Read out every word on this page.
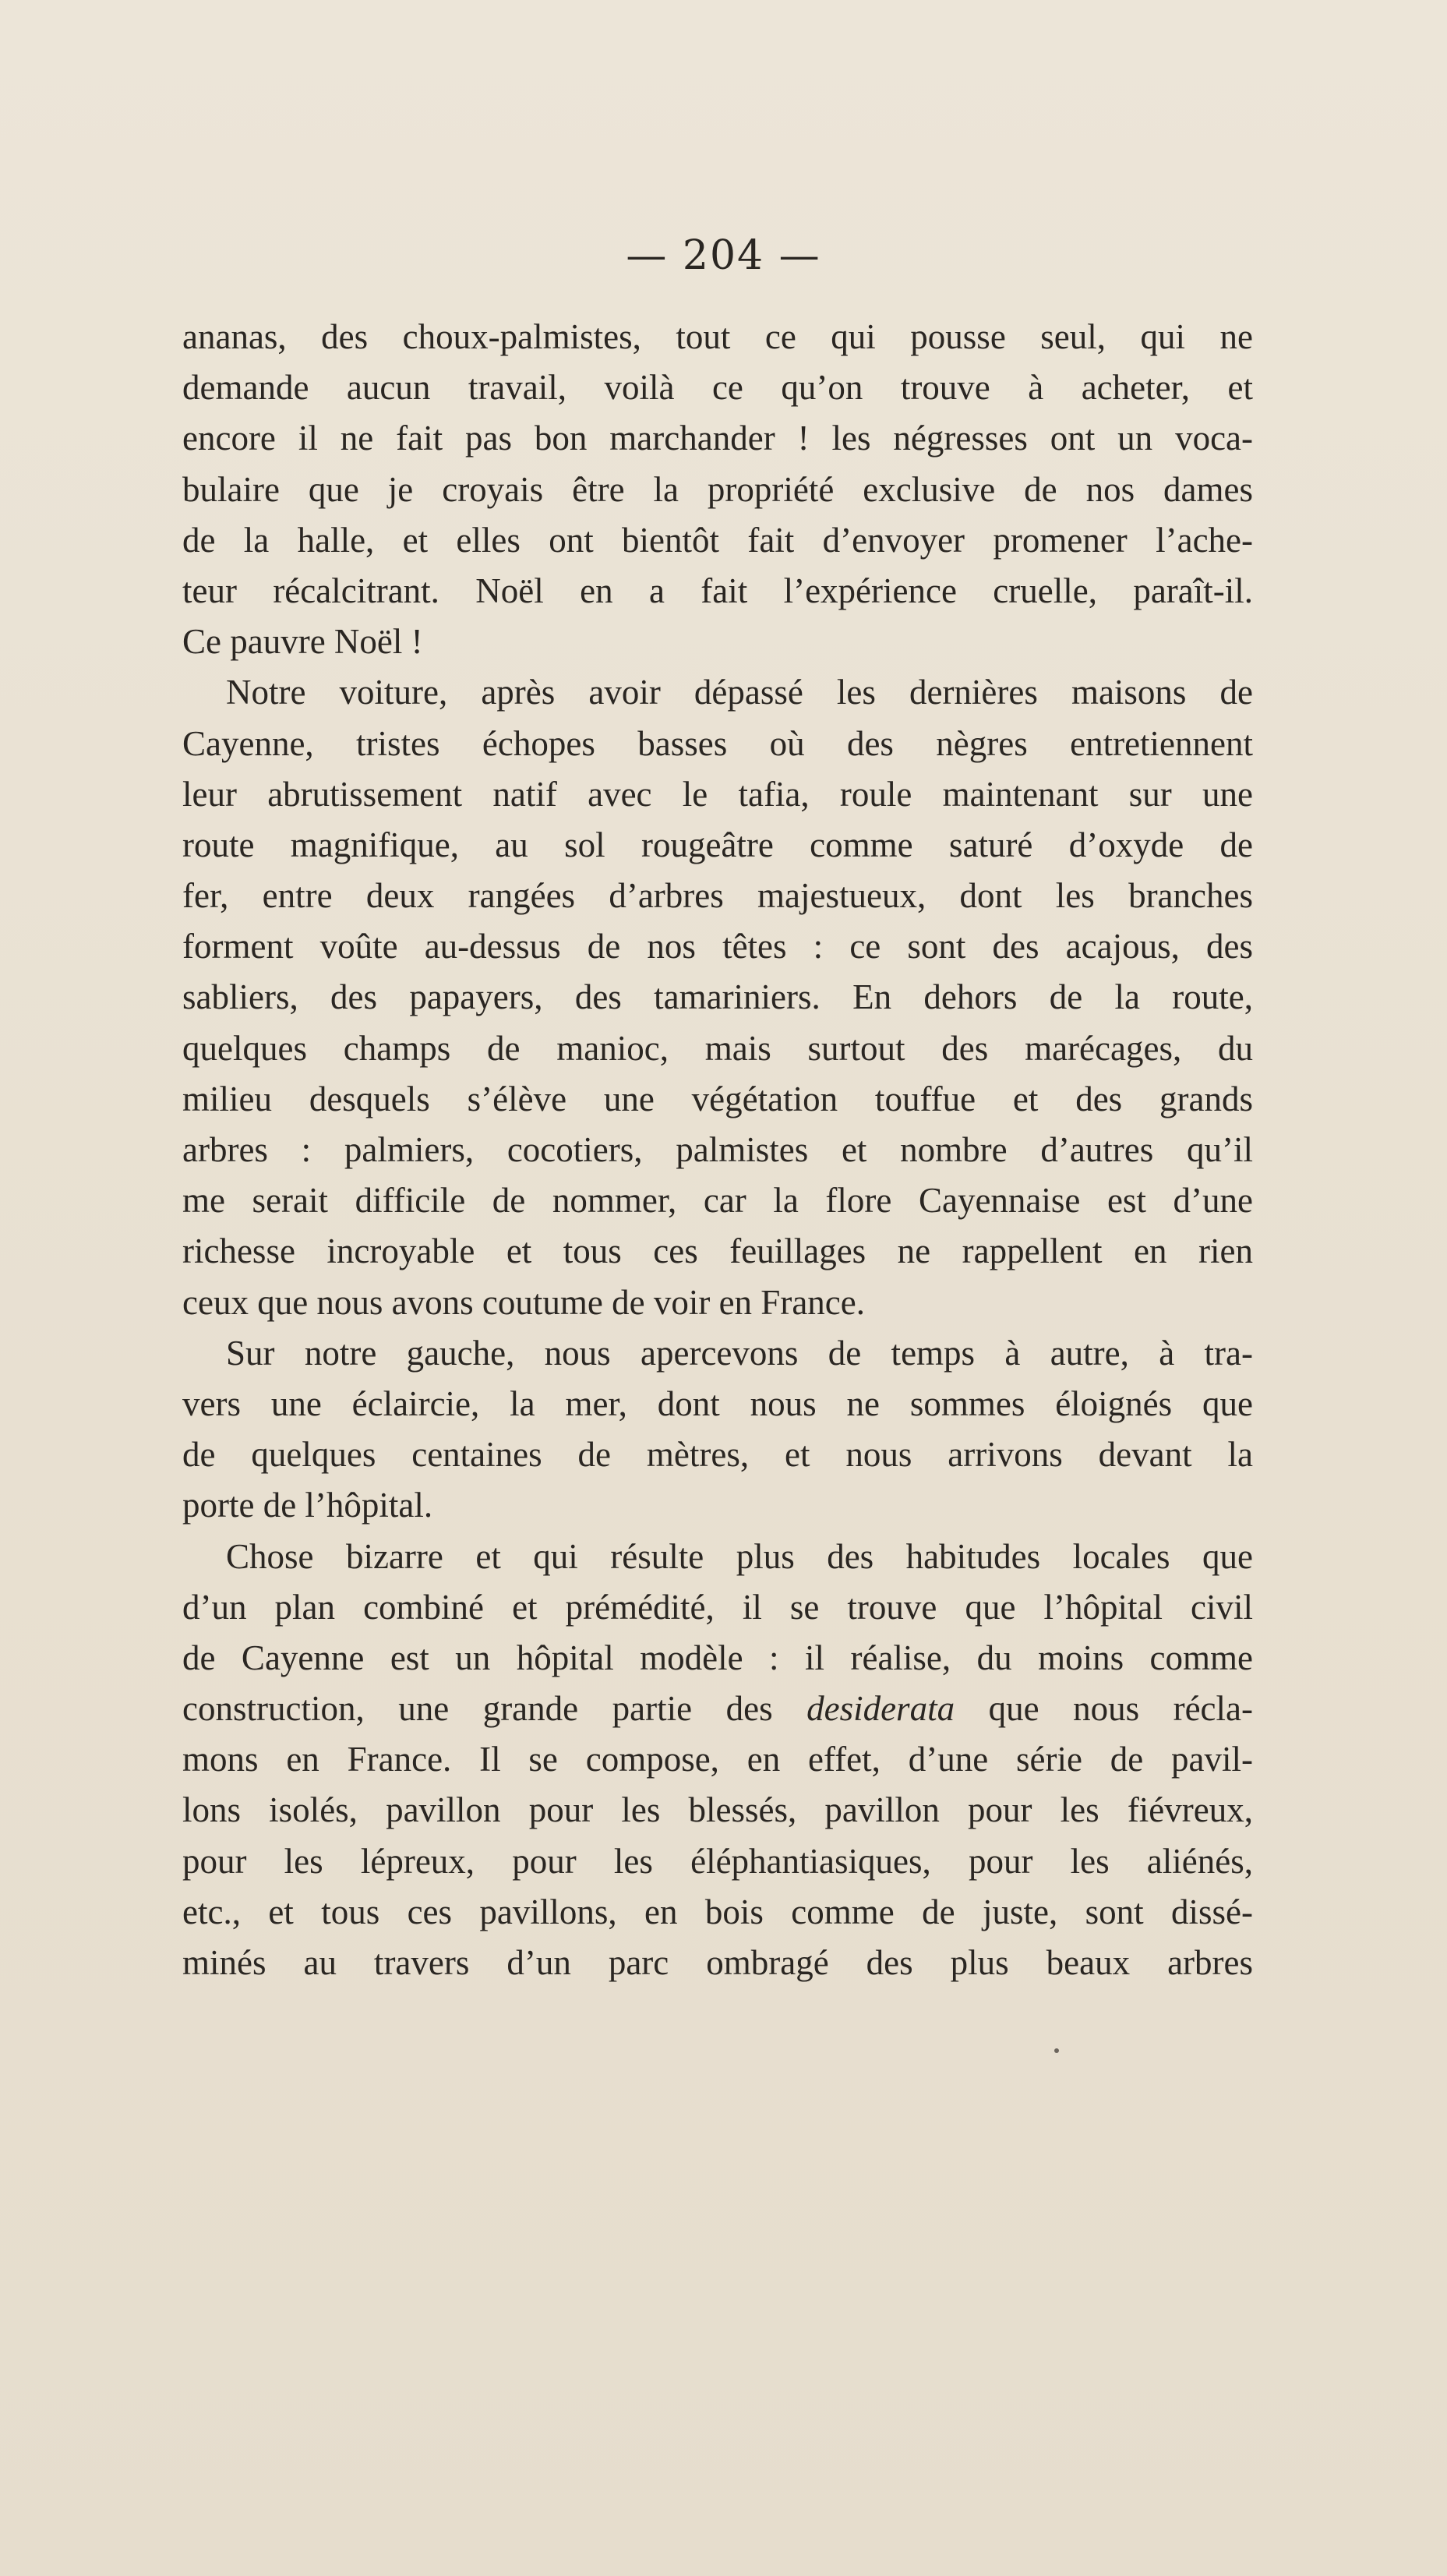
— 204 —
ananas, des choux-palmistes, tout ce qui pousse seul, qui ne
demande aucun travail, voilà ce qu’on trouve à acheter, et
encore il ne fait pas bon marchander ! les négresses ont un voca-
bulaire que je croyais être la propriété exclusive de nos dames
de la halle, et elles ont bientôt fait d’envoyer promener l’ache-
teur récalcitrant. Noël en a fait l’expérience cruelle, paraît-il.
Ce pauvre Noël !
Notre voiture, après avoir dépassé les dernières maisons de
Cayenne, tristes échopes basses où des nègres entretiennent
leur abrutissement natif avec le tafia, roule maintenant sur une
route magnifique, au sol rougeâtre comme saturé d’oxyde de
fer, entre deux rangées d’arbres majestueux, dont les branches
forment voûte au-dessus de nos têtes : ce sont des acajous, des
sabliers, des papayers, des tamariniers. En dehors de la route,
quelques champs de manioc, mais surtout des marécages, du
milieu desquels s’élève une végétation touffue et des grands
arbres : palmiers, cocotiers, palmistes et nombre d’autres qu’il
me serait difficile de nommer, car la flore Cayennaise est d’une
richesse incroyable et tous ces feuillages ne rappellent en rien
ceux que nous avons coutume de voir en France.
Sur notre gauche, nous apercevons de temps à autre, à tra-
vers une éclaircie, la mer, dont nous ne sommes éloignés que
de quelques centaines de mètres, et nous arrivons devant la
porte de l’hôpital.
Chose bizarre et qui résulte plus des habitudes locales que
d’un plan combiné et prémédité, il se trouve que l’hôpital civil
de Cayenne est un hôpital modèle : il réalise, du moins comme
construction, une grande partie des desiderata que nous récla-
mons en France. Il se compose, en effet, d’une série de pavil-
lons isolés, pavillon pour les blessés, pavillon pour les fiévreux,
pour les lépreux, pour les éléphantiasiques, pour les aliénés,
etc., et tous ces pavillons, en bois comme de juste, sont dissé-
minés au travers d’un parc ombragé des plus beaux arbres
